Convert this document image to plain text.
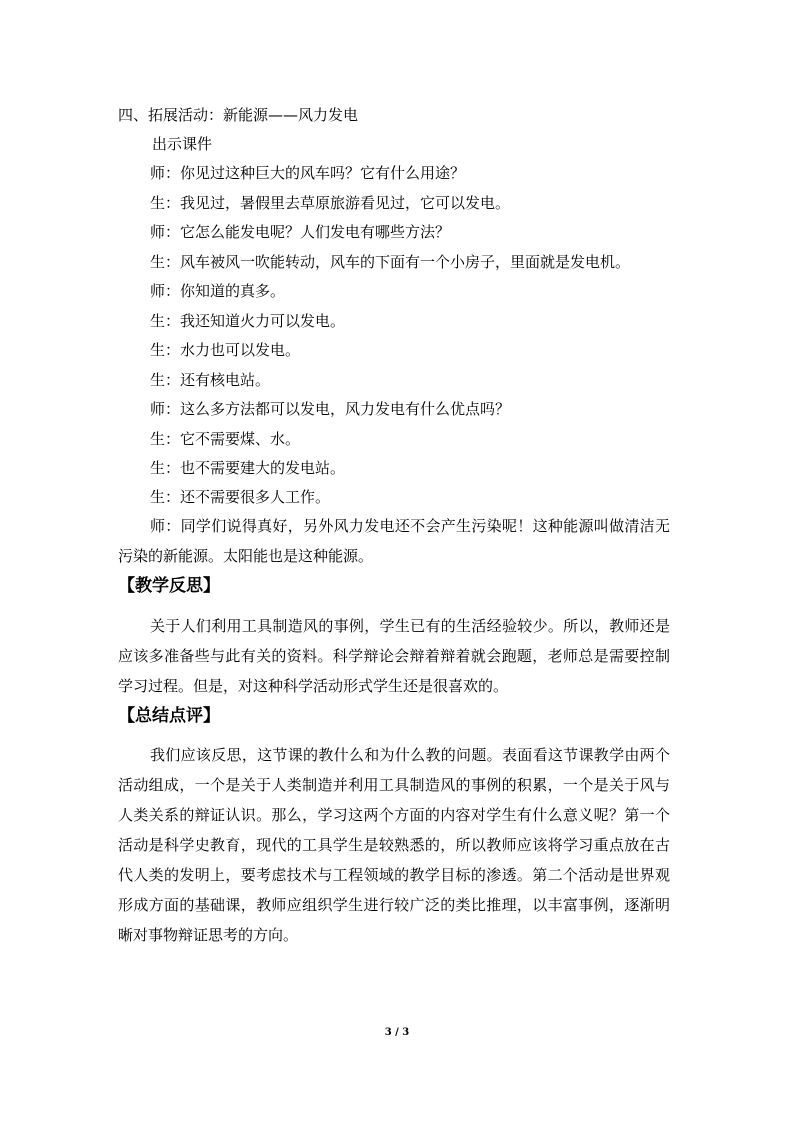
四、拓展活动：新能源——风力发电
出示课件
师：你见过这种巨大的风车吗？它有什么用途？
生：我见过，暑假里去草原旅游看见过，它可以发电。
师：它怎么能发电呢？人们发电有哪些方法？
生：风车被风一吹能转动，风车的下面有一个小房子，里面就是发电机。
师：你知道的真多。
生：我还知道火力可以发电。
生：水力也可以发电。
生：还有核电站。
师：这么多方法都可以发电，风力发电有什么优点吗？
生：它不需要煤、水。
生：也不需要建大的发电站。
生：还不需要很多人工作。
师：同学们说得真好，另外风力发电还不会产生污染呢！这种能源叫做清洁无污染的新能源。太阳能也是这种能源。
【教学反思】
关于人们利用工具制造风的事例，学生已有的生活经验较少。所以，教师还是应该多准备些与此有关的资料。科学辩论会辩着辩着就会跑题，老师总是需要控制学习过程。但是，对这种科学活动形式学生还是很喜欢的。
【总结点评】
我们应该反思，这节课的教什么和为什么教的问题。表面看这节课教学由两个活动组成，一个是关于人类制造并利用工具制造风的事例的积累，一个是关于风与人类关系的辩证认识。那么，学习这两个方面的内容对学生有什么意义呢？第一个活动是科学史教育，现代的工具学生是较熟悉的，所以教师应该将学习重点放在古代人类的发明上，要考虑技术与工程领域的教学目标的渗透。第二个活动是世界观形成方面的基础课，教师应组织学生进行较广泛的类比推理，以丰富事例，逐渐明晰对事物辩证思考的方向。
3 / 3
